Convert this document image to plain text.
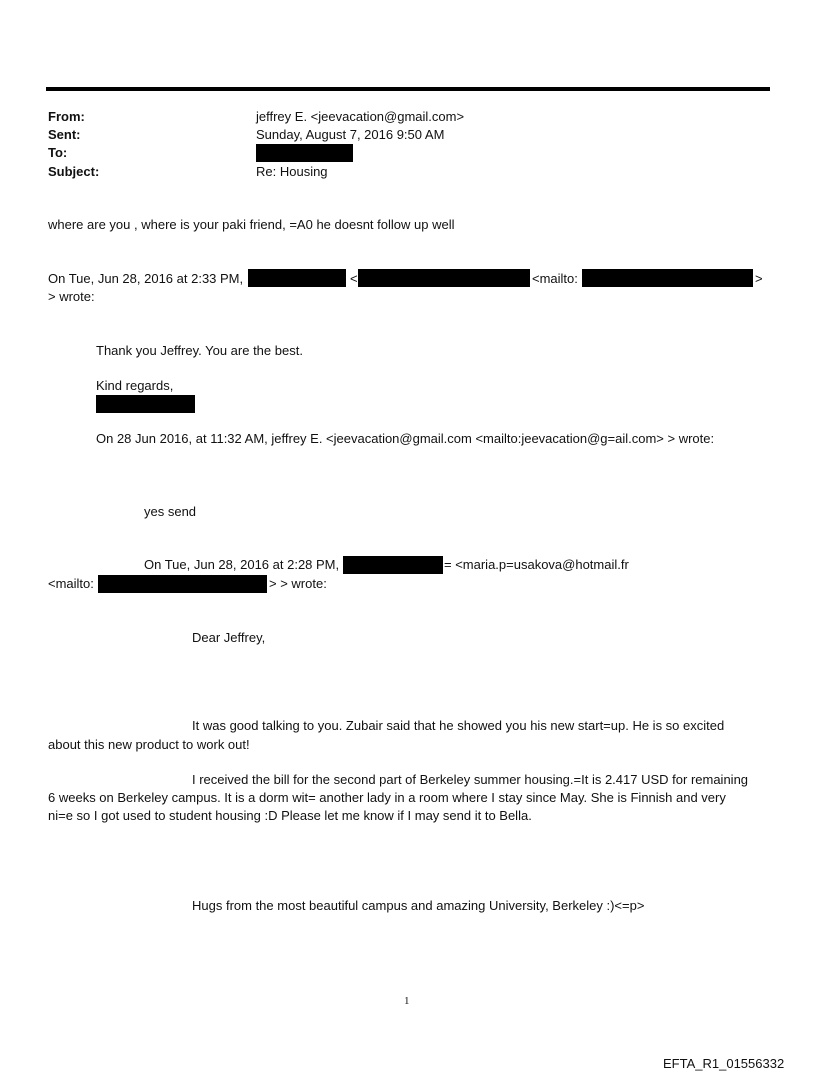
From:	jeffrey E. <jeevacation@gmail.com>
Sent:	Sunday, August 7, 2016 9:50 AM
To:
Subject:	Re: Housing
where are you , where is your paki friend, =A0 he doesnt follow up well
On Tue, Jun 28, 2016 at 2:33 PM,	<	<mailto:	>
> wrote:
Thank you Jeffrey. You are the best.
Kind regards,
On 28 Jun 2016, at 11:32 AM, jeffrey E. <jeevacation@gmail.com <mailto:jeevacation@g=ail.com> > wrote:
yes send
On Tue, Jun 28, 2016 at 2:28 PM,	= <maria.p=usakova@hotmail.fr
<mailto:	> > wrote:
Dear Jeffrey,
It was good talking to you. Zubair said that he showed you his new start=up. He is so excited
about this new product to work out!
I received the bill for the second part of Berkeley summer housing.=It is 2.417 USD for remaining
6 weeks on Berkeley campus. It is a dorm wit= another lady in a room where I stay since May. She is Finnish and very
ni=e so I got used to student housing :D Please let me know if I may send it to Bella.
Hugs from the most beautiful campus and amazing University, Berkeley :)<=p>
1
EFTA_R1_01556332
